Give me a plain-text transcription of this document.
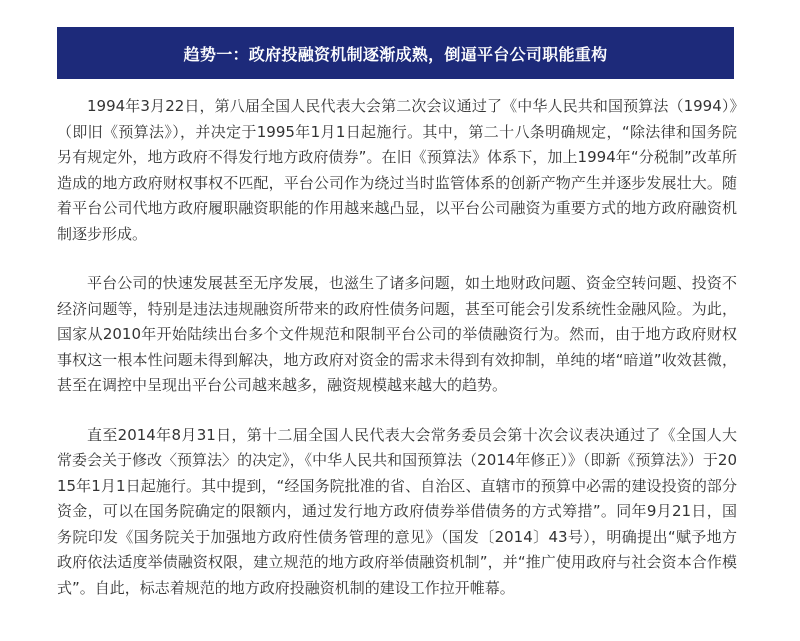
趋势一：政府投融资机制逐渐成熟，倒逼平台公司职能重构

1994年3月22日，第八届全国人民代表大会第二次会议通过了《中华人民共和国预算法（1994）》（即旧《预算法》），并决定于1995年1月1日起施行。其中，第二十八条明确规定，“除法律和国务院另有规定外，地方政府不得发行地方政府债券”。在旧《预算法》体系下，加上1994年“分税制”改革所造成的地方政府财权事权不匹配，平台公司作为绕过当时监管体系的创新产物产生并逐步发展壮大。随着平台公司代地方政府履职融资职能的作用越来越凸显，以平台公司融资为重要方式的地方政府融资机制逐步形成。

平台公司的快速发展甚至无序发展，也滋生了诸多问题，如土地财政问题、资金空转问题、投资不经济问题等，特别是违法违规融资所带来的政府性债务问题，甚至可能会引发系统性金融风险。为此，国家从2010年开始陆续出台多个文件规范和限制平台公司的举债融资行为。然而，由于地方政府财权事权这一根本性问题未得到解决，地方政府对资金的需求未得到有效抑制，单纯的堵“暗道”收效甚微，甚至在调控中呈现出平台公司越来越多，融资规模越来越大的趋势。

直至2014年8月31日，第十二届全国人民代表大会常务委员会第十次会议表决通过了《全国人大常委会关于修改〈预算法〉的决定》，《中华人民共和国预算法（2014年修正）》（即新《预算法》）于2015年1月1日起施行。其中提到，“经国务院批准的省、自治区、直辖市的预算中必需的建设投资的部分资金，可以在国务院确定的限额内，通过发行地方政府债券举借债务的方式筹措”。同年9月21日，国务院印发《国务院关于加强地方政府性债务管理的意见》（国发〔2014〕43号），明确提出“赋予地方政府依法适度举债融资权限，建立规范的地方政府举债融资机制”，并“推广使用政府与社会资本合作模式”。自此，标志着规范的地方政府投融资机制的建设工作拉开帷幕。
